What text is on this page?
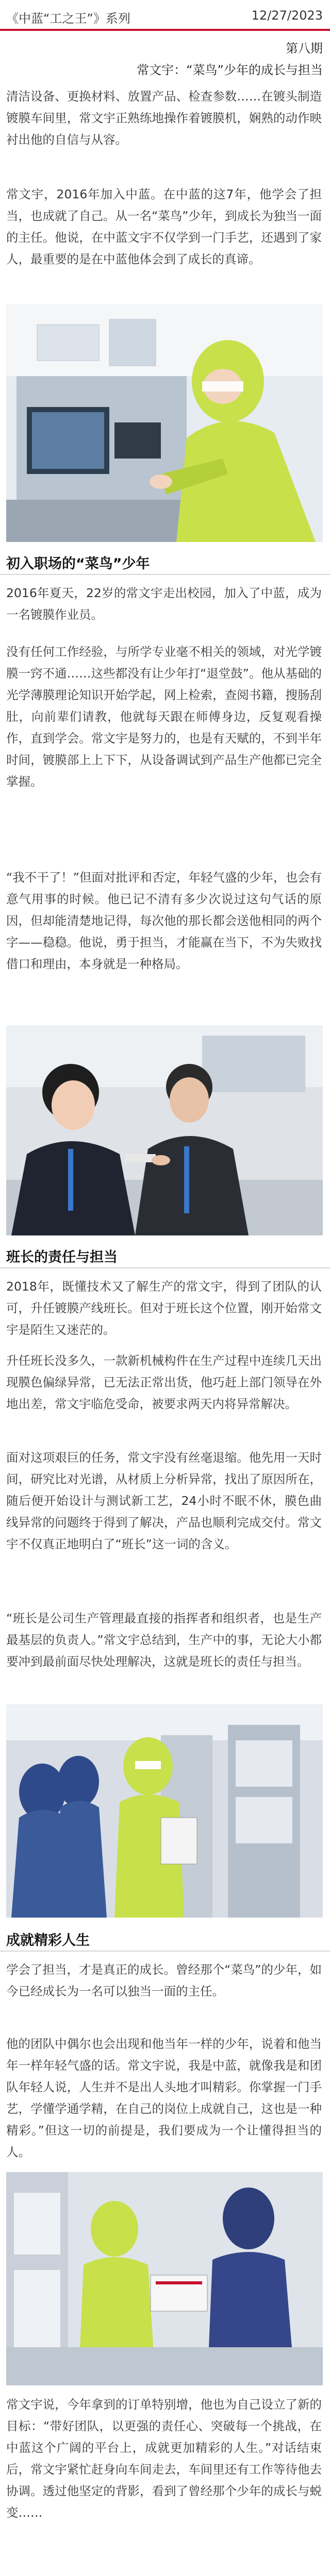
《中蓝“工之王”》系列	12/27/2023
第八期
常文宇：“菜鸟”少年的成长与担当

清洁设备、更换材料、放置产品、检查参数……在镀头制造镀膜车间里，常文宇正熟练地操作着镀膜机，娴熟的动作映衬出他的自信与从容。

常文宇，2016年加入中蓝。在中蓝的这7年，他学会了担当，也成就了自己。从一名“菜鸟”少年，到成长为独当一面的主任。他说，在中蓝文宇不仅学到一门手艺，还遇到了家人，最重要的是在中蓝他体会到了成长的真谛。

初入职场的“菜鸟”少年

2016年夏天，22岁的常文宇走出校园，加入了中蓝，成为一名镀膜作业员。

没有任何工作经验，与所学专业毫不相关的领域，对光学镀膜一窍不通……这些都没有让少年打“退堂鼓”。他从基础的光学薄膜理论知识开始学起，网上检索，查阅书籍，搜肠刮肚，向前辈们请教，他就每天跟在师傅身边，反复观看操作，直到学会。常文宇是努力的，也是有天赋的，不到半年时间，镀膜部上上下下，从设备调试到产品生产他都已完全掌握。

“我不干了！”但面对批评和否定，年轻气盛的少年，也会有意气用事的时候。他已记不清有多少次说过这句气话的原因，但却能清楚地记得，每次他的那长都会送他相同的两个字——稳稳。他说，勇于担当，才能赢在当下，不为失败找借口和理由，本身就是一种格局。

班长的责任与担当

2018年，既懂技术又了解生产的常文宇，得到了团队的认可，升任镀膜产线班长。但对于班长这个位置，刚开始常文宇是陌生又迷茫的。

升任班长没多久，一款新机械构件在生产过程中连续几天出现膜色偏绿异常，已无法正常出货，他巧赶上部门领导在外地出差，常文宇临危受命，被要求两天内将异常解决。

面对这项艰巨的任务，常文宇没有丝毫退缩。他先用一天时间，研究比对光谱，从材质上分析异常，找出了原因所在，随后便开始设计与测试新工艺，24小时不眠不休，膜色曲线异常的问题终于得到了解决，产品也顺利完成交付。常文宇不仅真正地明白了“班长”这一词的含义。

“班长是公司生产管理最直接的指挥者和组织者，也是生产最基层的负责人。”常文宇总结到，生产中的事，无论大小都要冲到最前面尽快处理解决，这就是班长的责任与担当。

成就精彩人生

学会了担当，才是真正的成长。曾经那个“菜鸟”的少年，如今已经成长为一名可以独当一面的主任。

他的团队中偶尔也会出现和他当年一样的少年，说着和他当年一样年轻气盛的话。常文宇说，我是中蓝，就像我是和团队年轻人说，人生并不是出人头地才叫精彩。你掌握一门手艺，学懂学通学精，在自己的岗位上成就自己，这也是一种精彩。”但这一切的前提是，我们要成为一个让懂得担当的人。

常文宇说，今年拿到的订单特别增，他也为自己设立了新的目标：“带好团队，以更强的责任心、突破每一个挑战，在中蓝这个广阔的平台上，成就更加精彩的人生。”对话结束后，常文宇紧忙赶身向车间走去，车间里还有工作等待他去协调。透过他坚定的背影，看到了曾经那个少年的成长与蜕变……
